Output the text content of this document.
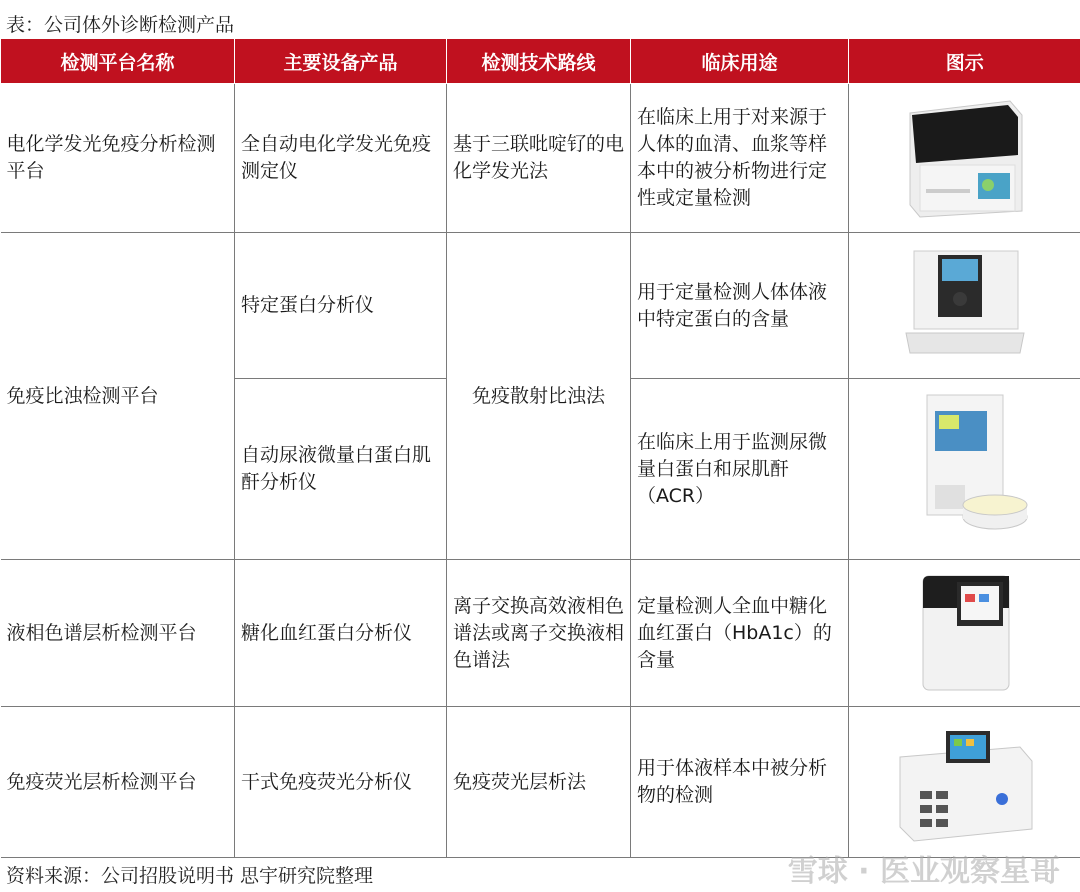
表：公司体外诊断检测产品
检测平台名称	主要设备产品	检测技术路线	临床用途	图示
电化学发光免疫分析检测平台	全自动电化学发光免疫测定仪	基于三联吡啶钌的电化学发光法	在临床上用于对来源于人体的血清、血浆等样本中的被分析物进行定性或定量检测	

免疫比浊检测平台	特定蛋白分析仪	免疫散射比浊法	用于定量检测人体体液中特定蛋白的含量	

	自动尿液微量白蛋白肌酐分析仪		在临床上用于监测尿微量白蛋白和尿肌酐（ACR）	

液相色谱层析检测平台	糖化血红蛋白分析仪	离子交换高效液相色谱法或离子交换液相色谱法	定量检测人全血中糖化血红蛋白（HbA1c）的含量	

免疫荧光层析检测平台	干式免疫荧光分析仪	免疫荧光层析法	用于体液样本中被分析物的检测	
资料来源：公司招股说明书 思宇研究院整理	雪球 · 医业观察星哥
